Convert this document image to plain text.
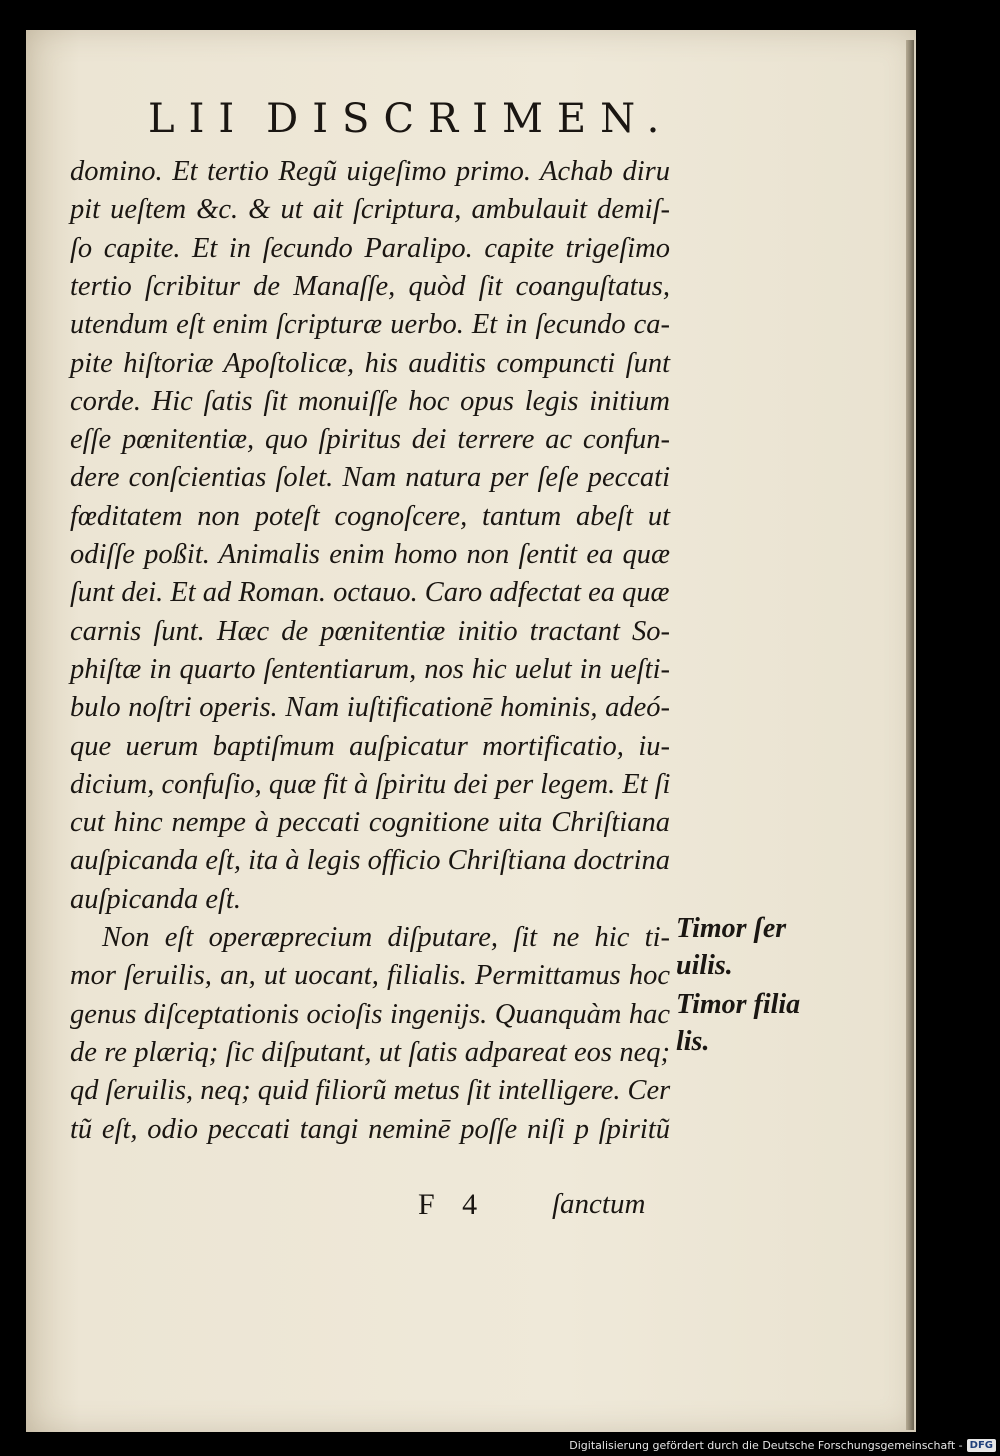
LII DISCRIMEN.
domino. Et tertio Regũ uigeſimo primo. Achab diru
pit ueſtem &c. & ut ait ſcriptura, ambulauit demiſ-
ſo capite. Et in ſecundo Paralipo. capite trigeſimo
tertio ſcribitur de Manaſſe, quòd ſit coanguſtatus,
utendum eſt enim ſcripturæ uerbo. Et in ſecundo ca-
pite hiſtoriæ Apoſtolicæ, his auditis compuncti ſunt
corde. Hic ſatis ſit monuiſſe hoc opus legis initium
eſſe pœnitentiæ, quo ſpiritus dei terrere ac confun-
dere conſcientias ſolet. Nam natura per ſeſe peccati
fœditatem non poteſt cognoſcere, tantum abeſt ut
odiſſe poßit. Animalis enim homo non ſentit ea quæ
ſunt dei. Et ad Roman. octauo. Caro adfectat ea quæ
carnis ſunt. Hæc de pœnitentiæ initio tractant So-
phiſtæ in quarto ſententiarum, nos hic uelut in ueſti-
bulo noſtri operis. Nam iuſtificationē hominis, adeó-
que uerum baptiſmum auſpicatur mortificatio, iu-
dicium, confuſio, quæ fit à ſpiritu dei per legem. Et ſi
cut hinc nempe à peccati cognitione uita Chriſtiana
auſpicanda eſt, ita à legis officio Chriſtiana doctrina
auſpicanda eſt.
Non eſt operæprecium diſputare, ſit ne hic ti-
mor ſeruilis, an, ut uocant, filialis. Permittamus hoc
genus diſceptationis ocioſis ingenijs. Quanquàm hac
de re plæriq; ſic diſputant, ut ſatis adpareat eos neq;
qd ſeruilis, neq; quid filiorũ metus ſit intelligere. Cer
tũ eſt, odio peccati tangi neminē poſſe niſi p ſpiritũ
Timor ſer
uilis.
Timor filia
lis.
F 4 ſanctum
Digitalisierung gefördert durch die Deutsche Forschungsgemeinschaft - DFG
